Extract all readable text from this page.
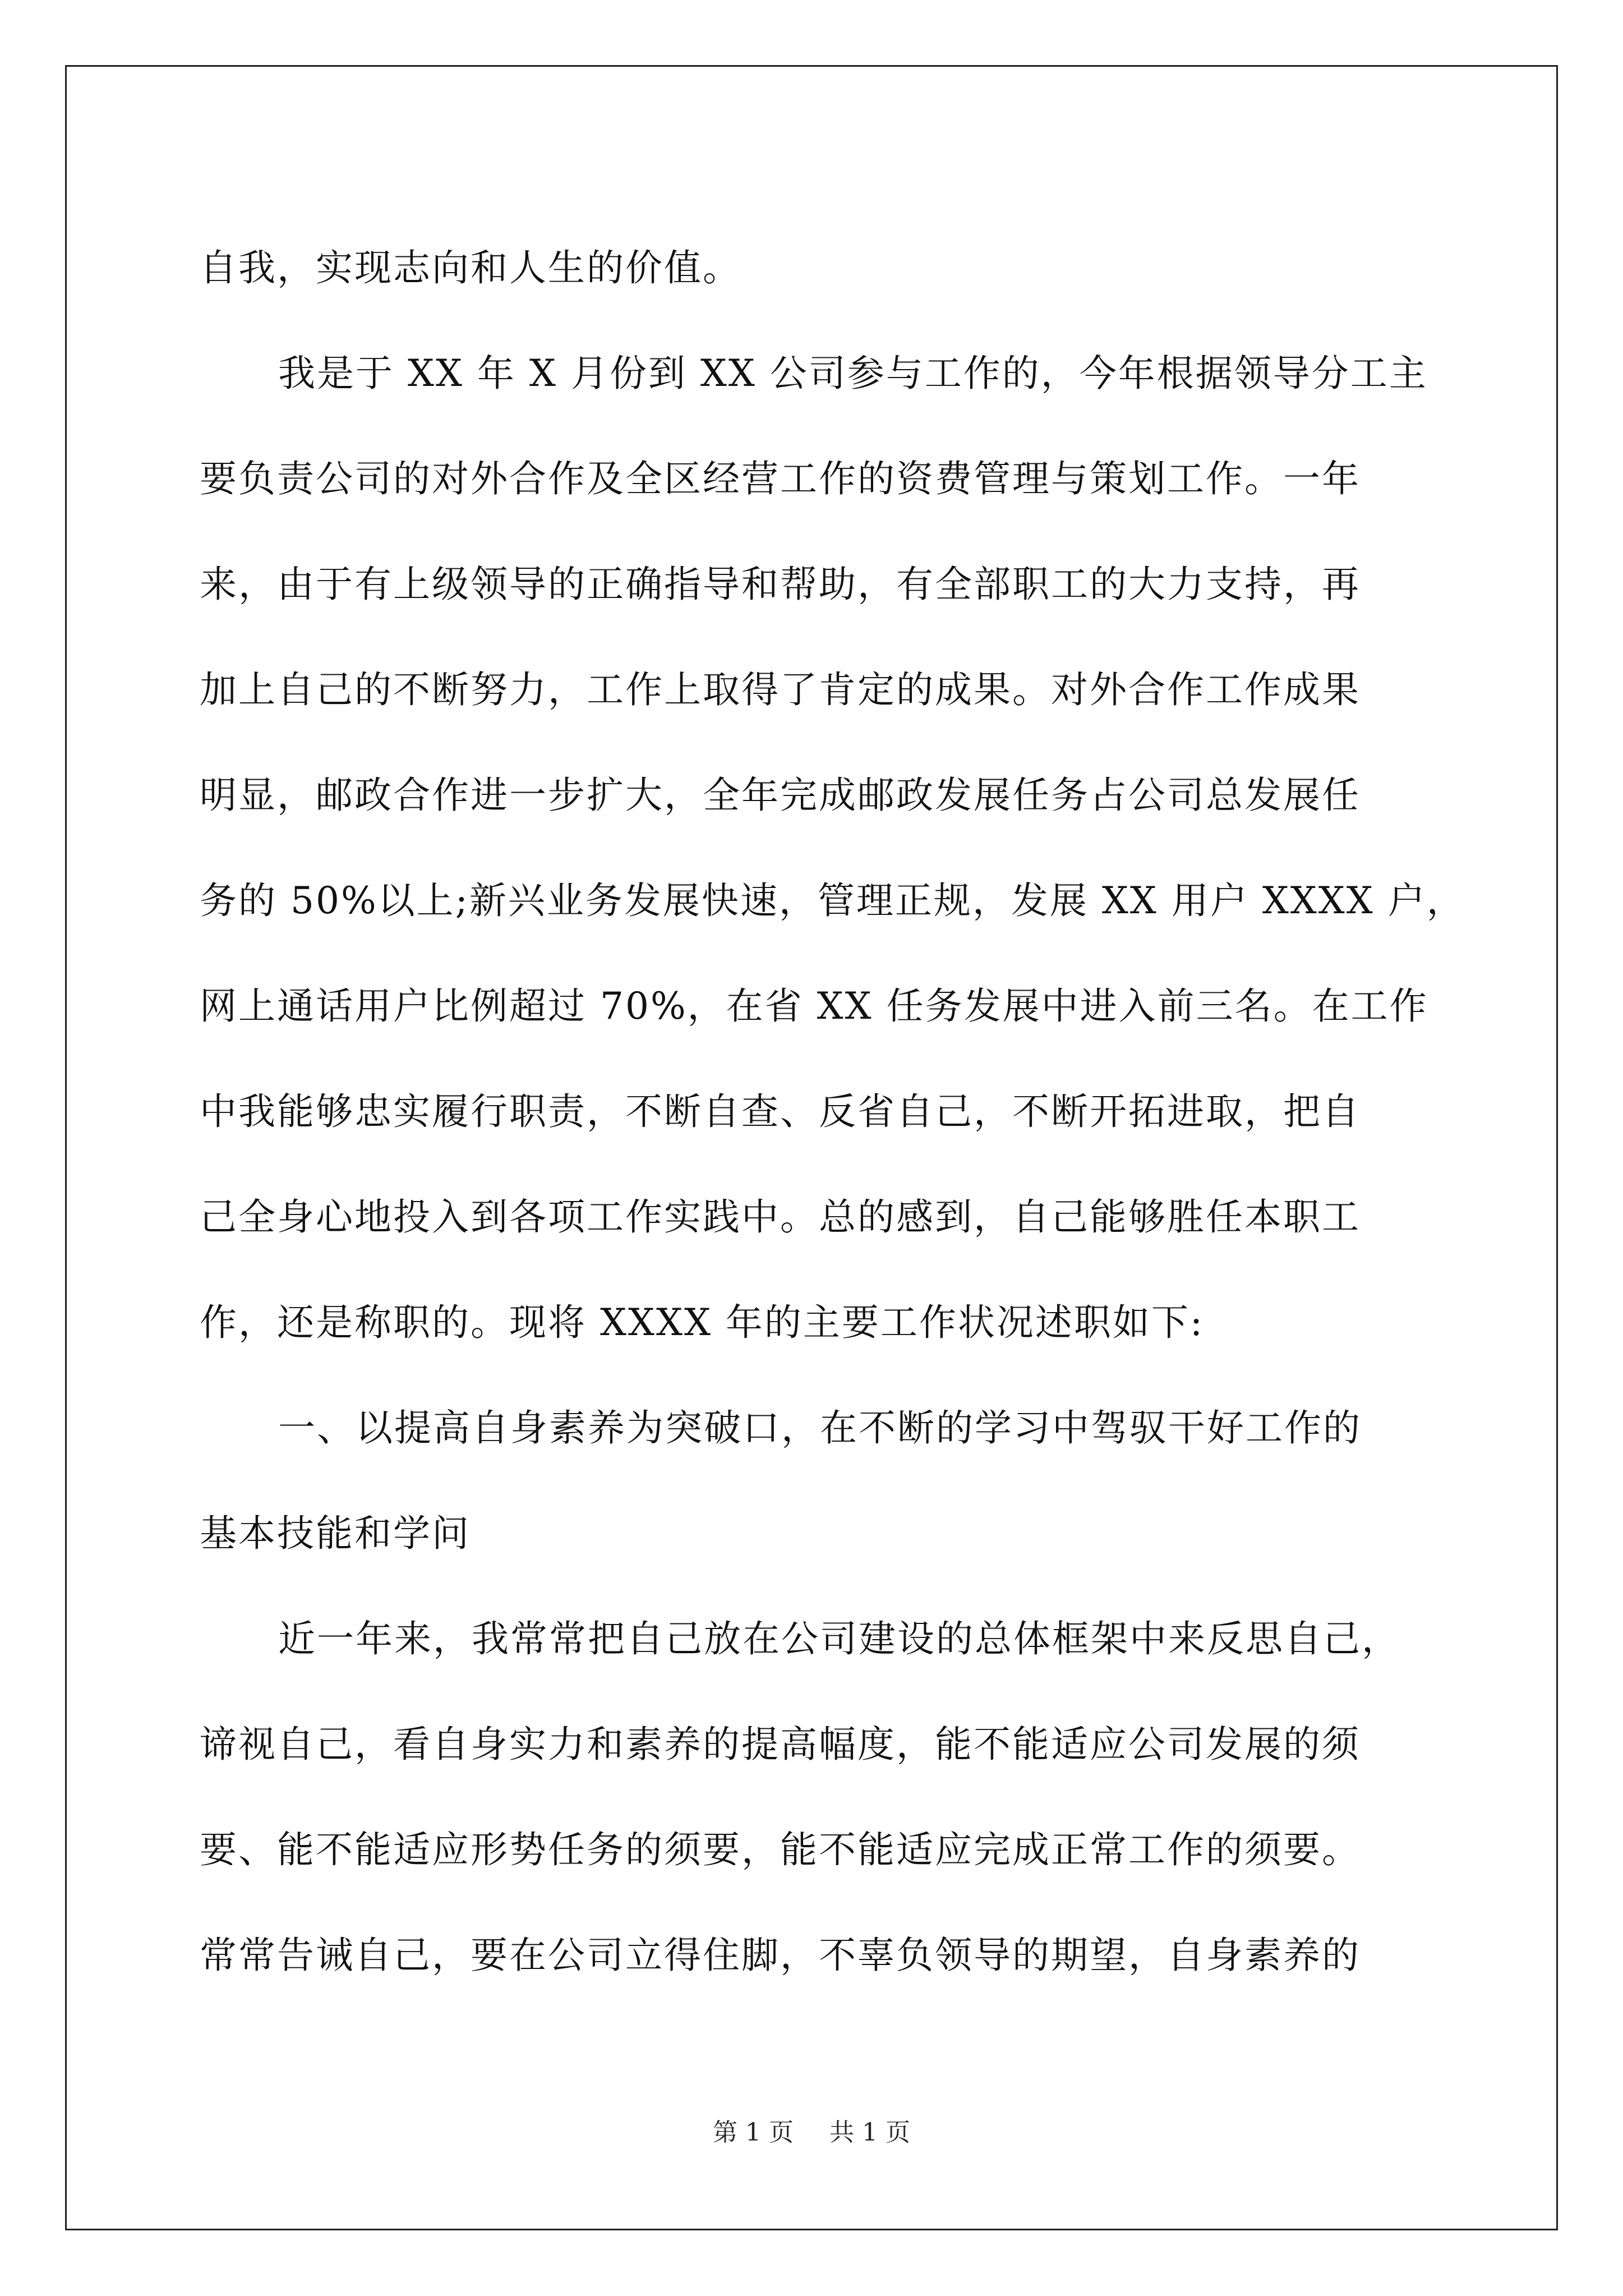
自我，实现志向和人生的价值。
我是于 XX 年 X 月份到 XX 公司参与工作的，今年根据领导分工主
要负责公司的对外合作及全区经营工作的资费管理与策划工作。一年
来，由于有上级领导的正确指导和帮助，有全部职工的大力支持，再
加上自己的不断努力，工作上取得了肯定的成果。对外合作工作成果
明显，邮政合作进一步扩大，全年完成邮政发展任务占公司总发展任
务的 50%以上;新兴业务发展快速，管理正规，发展 XX 用户 XXXX 户，
网上通话用户比例超过 70%，在省 XX 任务发展中进入前三名。在工作
中我能够忠实履行职责，不断自查、反省自己，不断开拓进取，把自
己全身心地投入到各项工作实践中。总的感到，自己能够胜任本职工
作，还是称职的。现将 XXXX 年的主要工作状况述职如下:
一、以提高自身素养为突破口，在不断的学习中驾驭干好工作的
基本技能和学问
近一年来，我常常把自己放在公司建设的总体框架中来反思自己，
谛视自己，看自身实力和素养的提高幅度，能不能适应公司发展的须
要、能不能适应形势任务的须要，能不能适应完成正常工作的须要。
常常告诫自己，要在公司立得住脚，不辜负领导的期望，自身素养的
第 1 页 共 1 页
